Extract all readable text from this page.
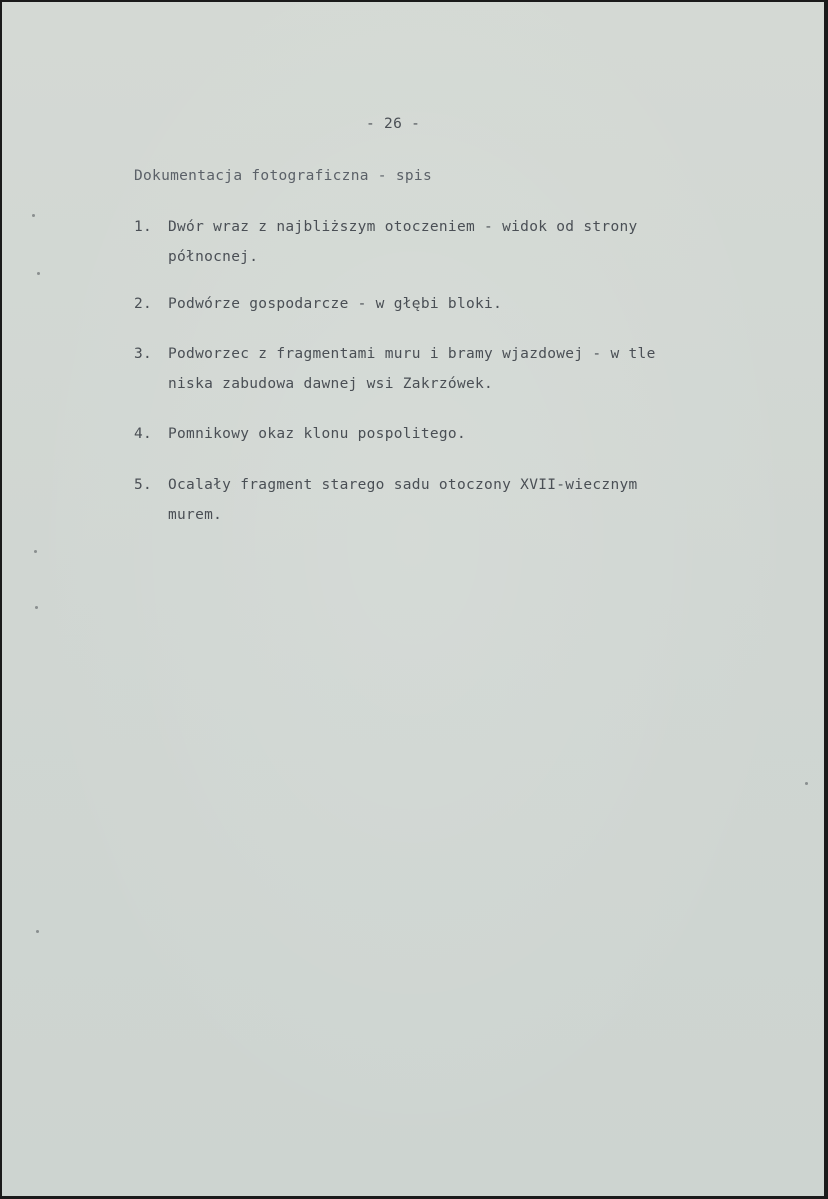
- 26 -

Dokumentacja fotograficzna - spis

1. Dwór wraz z najbliższym otoczeniem - widok od strony
północnej.
2. Podwórze gospodarcze - w głębi bloki.
3. Podworzec z fragmentami muru i bramy wjazdowej - w tle
niska zabudowa dawnej wsi Zakrzówek.
4. Pomnikowy okaz klonu pospolitego.
5. Ocalały fragment starego sadu otoczony XVII-wiecznym
murem.
